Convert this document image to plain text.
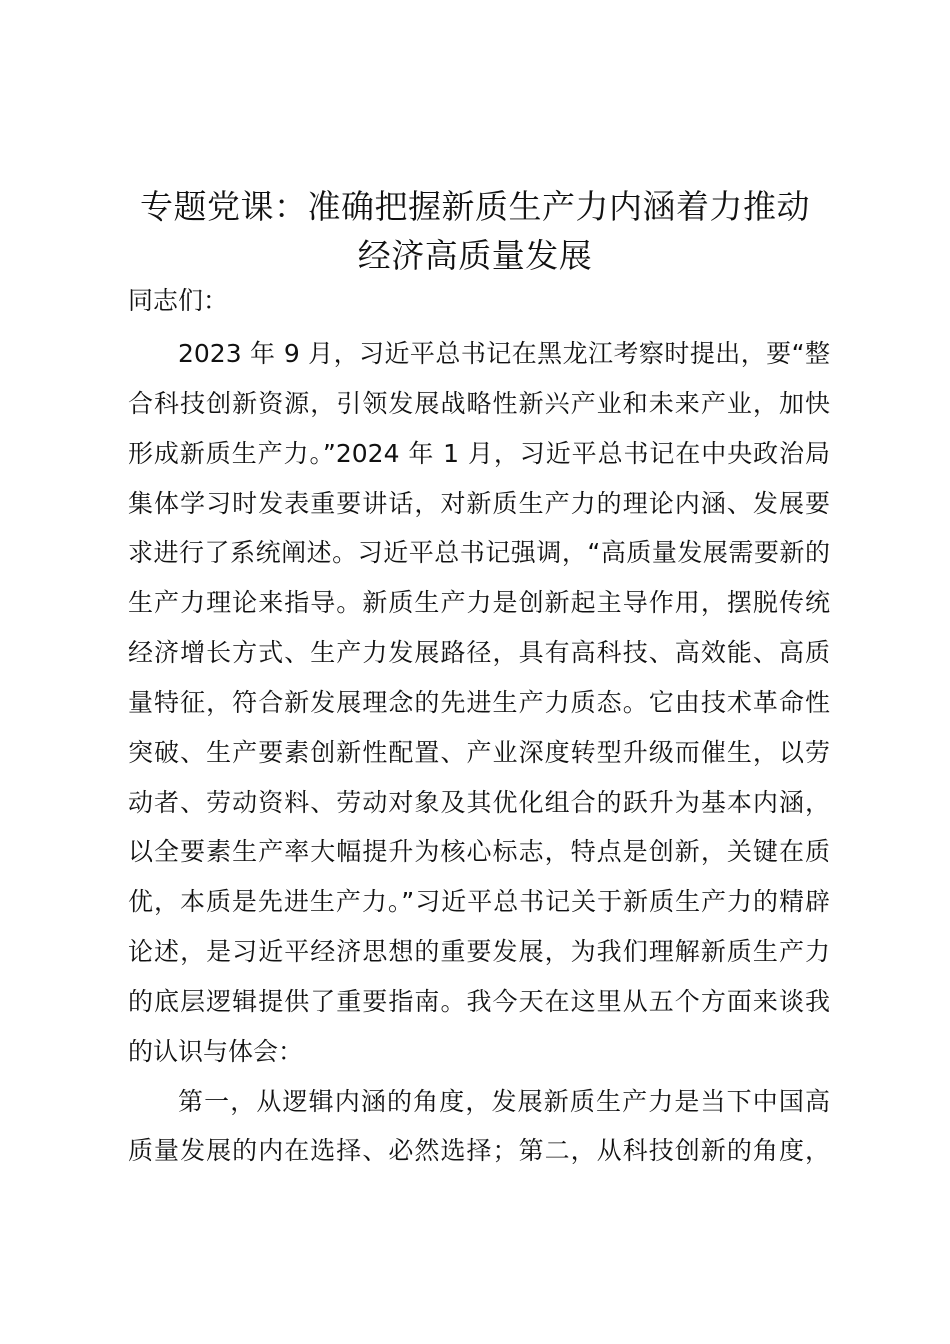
专题党课：准确把握新质生产力内涵着力推动
经济高质量发展
同志们：
2023 年 9 月，习近平总书记在黑龙江考察时提出，要“整
合科技创新资源，引领发展战略性新兴产业和未来产业，加快
形成新质生产力。”2024 年 1 月，习近平总书记在中央政治局
集体学习时发表重要讲话，对新质生产力的理论内涵、发展要
求进行了系统阐述。习近平总书记强调，“高质量发展需要新的
生产力理论来指导。新质生产力是创新起主导作用，摆脱传统
经济增长方式、生产力发展路径，具有高科技、高效能、高质
量特征，符合新发展理念的先进生产力质态。它由技术革命性
突破、生产要素创新性配置、产业深度转型升级而催生，以劳
动者、劳动资料、劳动对象及其优化组合的跃升为基本内涵，
以全要素生产率大幅提升为核心标志，特点是创新，关键在质
优，本质是先进生产力。”习近平总书记关于新质生产力的精辟
论述，是习近平经济思想的重要发展，为我们理解新质生产力
的底层逻辑提供了重要指南。我今天在这里从五个方面来谈我
的认识与体会：
第一，从逻辑内涵的角度，发展新质生产力是当下中国高
质量发展的内在选择、必然选择；第二，从科技创新的角度，
